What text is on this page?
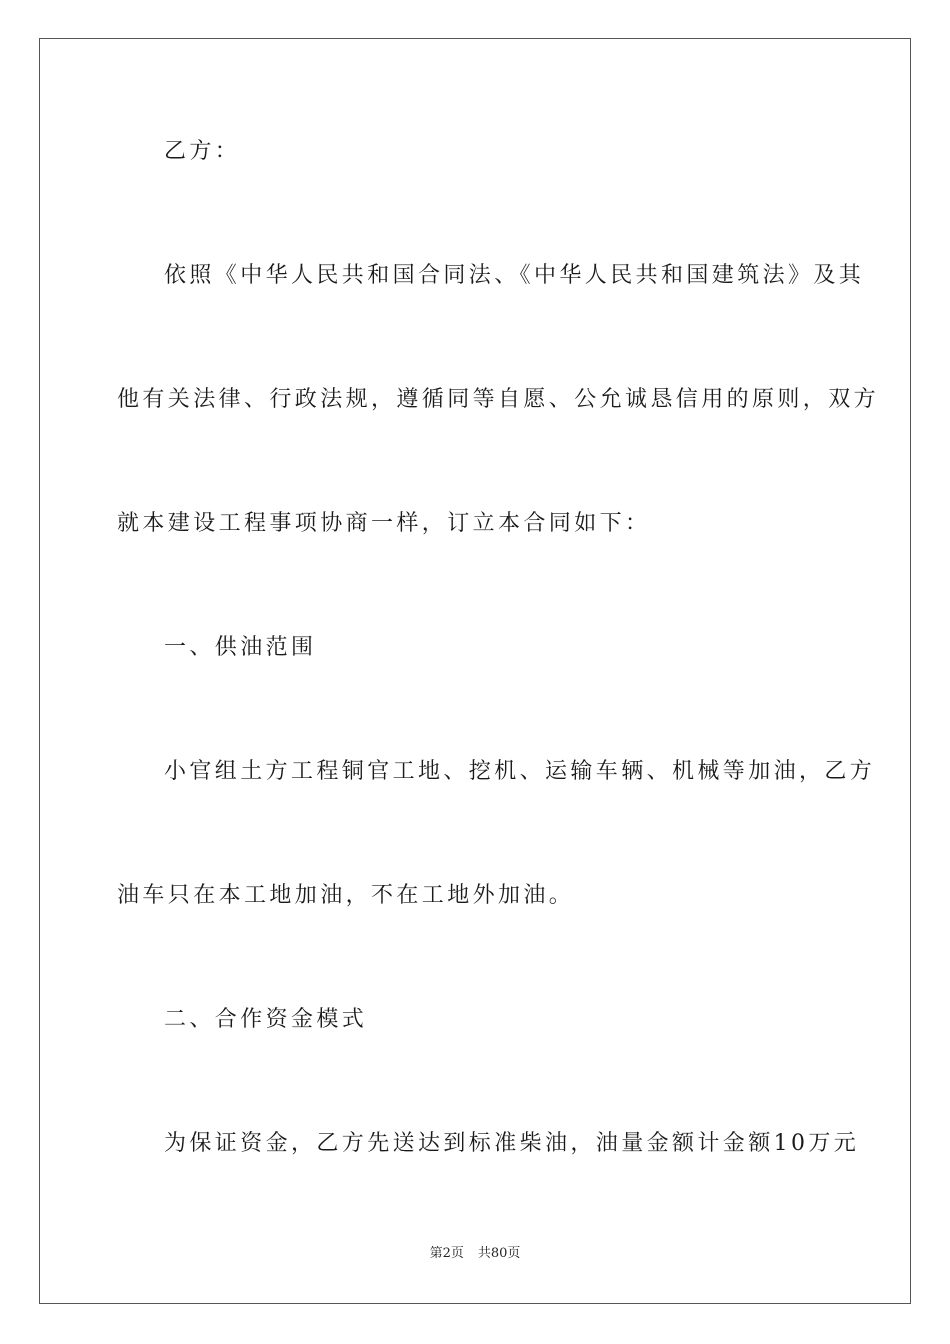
乙方：

依照《中华人民共和国合同法、《中华人民共和国建筑法》及其

他有关法律、行政法规，遵循同等自愿、公允诚恳信用的原则，双方

就本建设工程事项协商一样，订立本合同如下：

一、供油范围

小官组土方工程铜官工地、挖机、运输车辆、机械等加油，乙方

油车只在本工地加油，不在工地外加油。

二、合作资金模式

为保证资金，乙方先送达到标准柴油，油量金额计金额10万元

第2页 共80页
